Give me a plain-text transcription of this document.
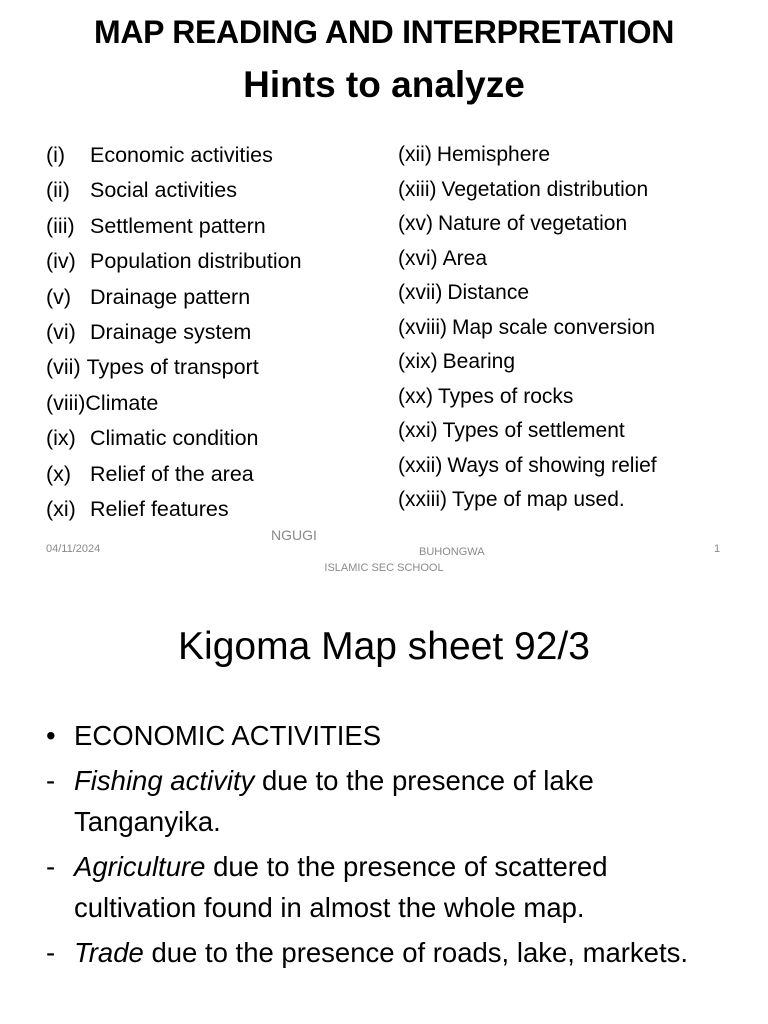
MAP READING AND INTERPRETATION
Hints to analyze
(i)	Economic activities
(ii) Social activities
(iii) Settlement pattern
(iv) Population distribution
(v) Drainage pattern
(vi) Drainage system
(vii)
Types of transport
(viii) Climate
(ix) Climatic condition
(x) Relief of the area
(xi) Relief features
(xii) Hemisphere
(xiii) Vegetation distribution
(xv) Nature of vegetation
(xvi) Area
(xvii) Distance
(xviii) Map scale conversion
(xix) Bearing
(xx) Types of rocks
(xxi) Types of settlement
(xxii) Ways of showing relief
(xxiii) Type of map used.
04/11/2024
NGUGI
BUHONGWA
ISLAMIC SEC SCHOOL
1
Kigoma Map sheet 92/3
• ECONOMIC ACTIVITIES
- Fishing activity due to the presence of lake Tanganyika.
- Agriculture due to the presence of scattered cultivation found in almost the whole map.
- Trade due to the presence of roads, lake, markets.
